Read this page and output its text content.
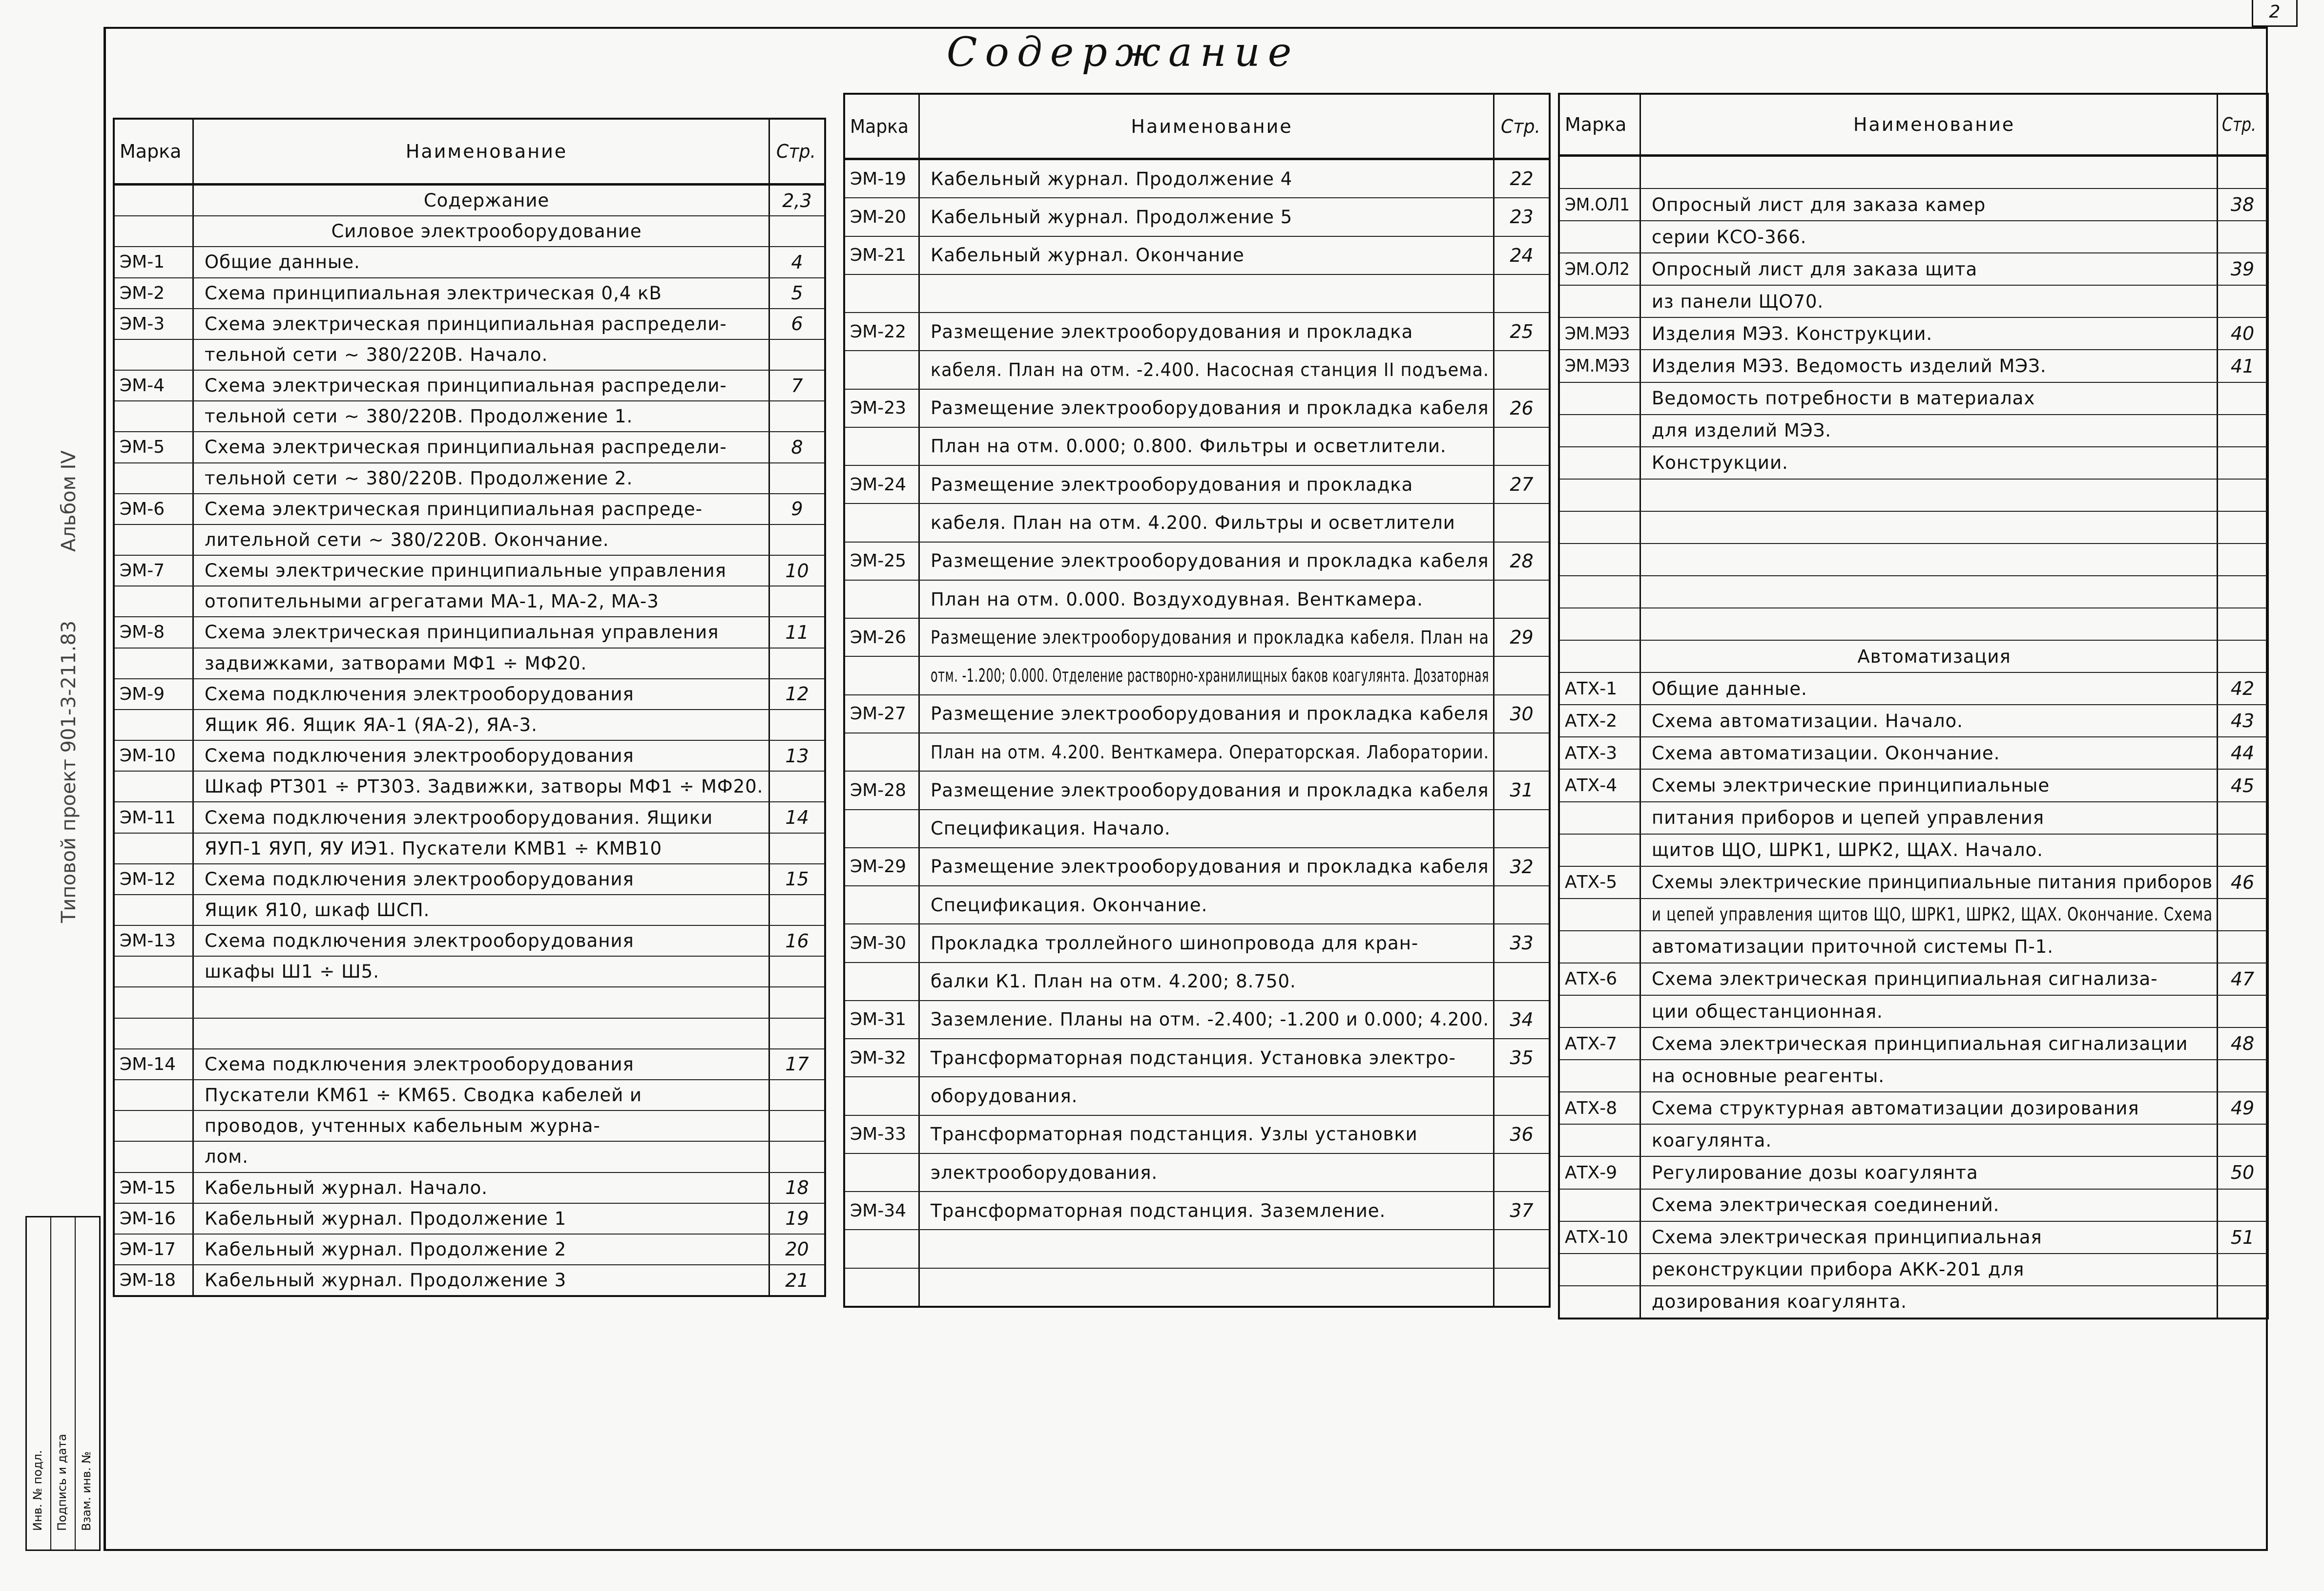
Содержание
2
Альбом IV
Типовой проект 901-3-211.83
Инв. № подл. Подпись и дата Взам. инв. №
Марка	Наименование	Стр.
Содержание	2,3
Силовое электрооборудование
ЭМ-1 Общие данные.	4
ЭМ-2 Схема принципиальная электрическая 0,4 кВ	5
ЭМ-3 Схема электрическая принципиальная распредели-	6
тельной сети ~ 380/220В. Начало.
ЭМ-4 Схема электрическая принципиальная распредели-	7
тельной сети ~ 380/220В. Продолжение 1.
ЭМ-5 Схема электрическая принципиальная распредели-	8
тельной сети ~ 380/220В. Продолжение 2.
ЭМ-6 Схема электрическая принципиальная распреде-	9
лительной сети ~ 380/220В. Окончание.
ЭМ-7 Схемы электрические принципиальные управления	10
отопительными агрегатами МА-1, МА-2, МА-3
ЭМ-8 Схема электрическая принципиальная управления	11
задвижками, затворами МФ1 ÷ МФ20.
ЭМ-9 Схема подключения электрооборудования	12
Ящик Я6. Ящик ЯА-1 (ЯА-2), ЯА-3.
ЭМ-10 Схема подключения электрооборудования	13
Шкаф РТ301 ÷ РТ303. Задвижки, затворы МФ1 ÷ МФ20.
ЭМ-11 Схема подключения электрооборудования. Ящики	14
ЯУП-1 ЯУП, ЯУ ИЭ1. Пускатели КМВ1 ÷ КМВ10
ЭМ-12 Схема подключения электрооборудования	15
Ящик Я10, шкаф ШСП.
ЭМ-13 Схема подключения электрооборудования	16
шкафы Ш1 ÷ Ш5.
ЭМ-14 Схема подключения электрооборудования	17
Пускатели КМ61 ÷ КМ65. Сводка кабелей и
проводов, учтенных кабельным журна-
лом.
ЭМ-15 Кабельный журнал. Начало.	18
ЭМ-16 Кабельный журнал. Продолжение 1	19
ЭМ-17 Кабельный журнал. Продолжение 2	20
ЭМ-18 Кабельный журнал. Продолжение 3	21
Марка	Наименование	Стр.
ЭМ-19 Кабельный журнал. Продолжение 4	22
ЭМ-20 Кабельный журнал. Продолжение 5	23
ЭМ-21 Кабельный журнал. Окончание	24
ЭМ-22 Размещение электрооборудования и прокладка	25
кабеля. План на отм. -2.400. Насосная станция II подъема.
ЭМ-23 Размещение электрооборудования и прокладка кабеля 26
План на отм. 0.000; 0.800. Фильтры и осветлители.
ЭМ-24 Размещение электрооборудования и прокладка	27
кабеля. План на отм. 4.200. Фильтры и осветлители
ЭМ-25 Размещение электрооборудования и прокладка кабеля 28
План на отм. 0.000. Воздуходувная. Венткамера.
ЭМ-26 Размещение электрооборудования и прокладка кабеля. План на 29
отм. -1.200; 0.000. Отделение растворно-хранилищных баков коагулянта. Дозаторная
ЭМ-27 Размещение электрооборудования и прокладка кабеля 30
План на отм. 4.200. Венткамера. Операторская. Лаборатории.
ЭМ-28 Размещение электрооборудования и прокладка кабеля 31
Спецификация. Начало.
ЭМ-29 Размещение электрооборудования и прокладка кабеля 32
Спецификация. Окончание.
ЭМ-30 Прокладка троллейного шинопровода для кран-	33
балки К1. План на отм. 4.200; 8.750.
ЭМ-31 Заземление. Планы на отм. -2.400; -1.200 и 0.000; 4.200. 34
ЭМ-32 Трансформаторная подстанция. Установка электро-	35
оборудования.
ЭМ-33 Трансформаторная подстанция. Узлы установки	36
электрооборудования.
ЭМ-34 Трансформаторная подстанция. Заземление.	37
Марка	Наименование	Стр.
ЭМ.ОЛ1 Опросный лист для заказа камер	38
серии КСО-366.
ЭМ.ОЛ2 Опросный лист для заказа щита	39
из панели ЩО70.
ЭМ.МЭЗ Изделия МЭЗ. Конструкции.	40
ЭМ.МЭЗ Изделия МЭЗ. Ведомость изделий МЭЗ.	41
Ведомость потребности в материалах
для изделий МЭЗ.
Конструкции.
Автоматизация
АТХ-1 Общие данные.	42
АТХ-2 Схема автоматизации. Начало.	43
АТХ-3 Схема автоматизации. Окончание.	44
АТХ-4 Схемы электрические принципиальные	45
питания приборов и цепей управления
щитов ЩО, ШРК1, ШРК2, ЩАХ. Начало.
АТХ-5 Схемы электрические принципиальные питания приборов 46
и цепей управления щитов ЩО, ШРК1, ШРК2, ЩАХ. Окончание. Схема
автоматизации приточной системы П-1.
АТХ-6 Схема электрическая принципиальная сигнализа-	47
ции общестанционная.
АТХ-7 Схема электрическая принципиальная сигнализации 48
на основные реагенты.
АТХ-8 Схема структурная автоматизации дозирования	49
коагулянта.
АТХ-9 Регулирование дозы коагулянта	50
Схема электрическая соединений.
АТХ-10 Схема электрическая принципиальная	51
реконструкции прибора АКК-201 для
дозирования коагулянта.
